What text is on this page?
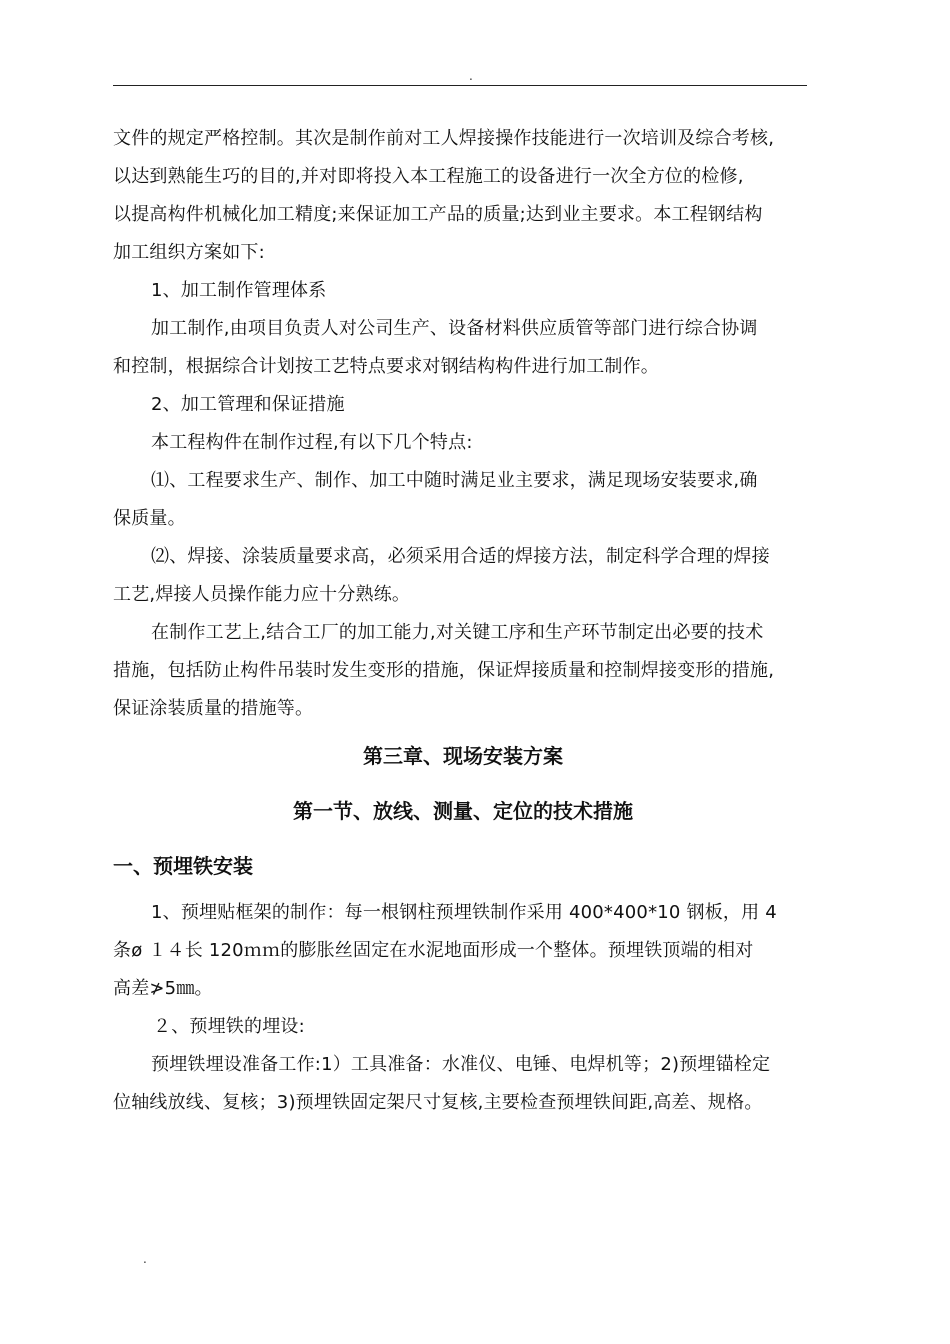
.
文件的规定严格控制。其次是制作前对工人焊接操作技能进行一次培训及综合考核,
以达到熟能生巧的目的,并对即将投入本工程施工的设备进行一次全方位的检修,
以提高构件机械化加工精度;来保证加工产品的质量;达到业主要求。本工程钢结构
加工组织方案如下:
1、加工制作管理体系
加工制作,由项目负责人对公司生产、设备材料供应质管等部门进行综合协调
和控制，根据综合计划按工艺特点要求对钢结构构件进行加工制作。
2、加工管理和保证措施
本工程构件在制作过程,有以下几个特点:
⑴、工程要求生产、制作、加工中随时满足业主要求，满足现场安装要求,确
保质量。
⑵、焊接、涂装质量要求高，必须采用合适的焊接方法，制定科学合理的焊接
工艺,焊接人员操作能力应十分熟练。
在制作工艺上,结合工厂的加工能力,对关键工序和生产环节制定出必要的技术
措施，包括防止构件吊装时发生变形的措施，保证焊接质量和控制焊接变形的措施,
保证涂装质量的措施等。
第三章、现场安装方案
第一节、放线、测量、定位的技术措施
一、预埋铁安装
1、预埋贴框架的制作：每一根钢柱预埋铁制作采用 400*400*10 钢板，用 4
条ø １４长 120ｍｍ的膨胀丝固定在水泥地面形成一个整体。预埋铁顶端的相对
高差≯5㎜。
２、预埋铁的埋设:
预埋铁埋设准备工作:1）工具准备：水准仪、电锤、电焊机等；2)预埋锚栓定
位轴线放线、复核；3)预埋铁固定架尺寸复核,主要检查预埋铁间距,高差、规格。
.
